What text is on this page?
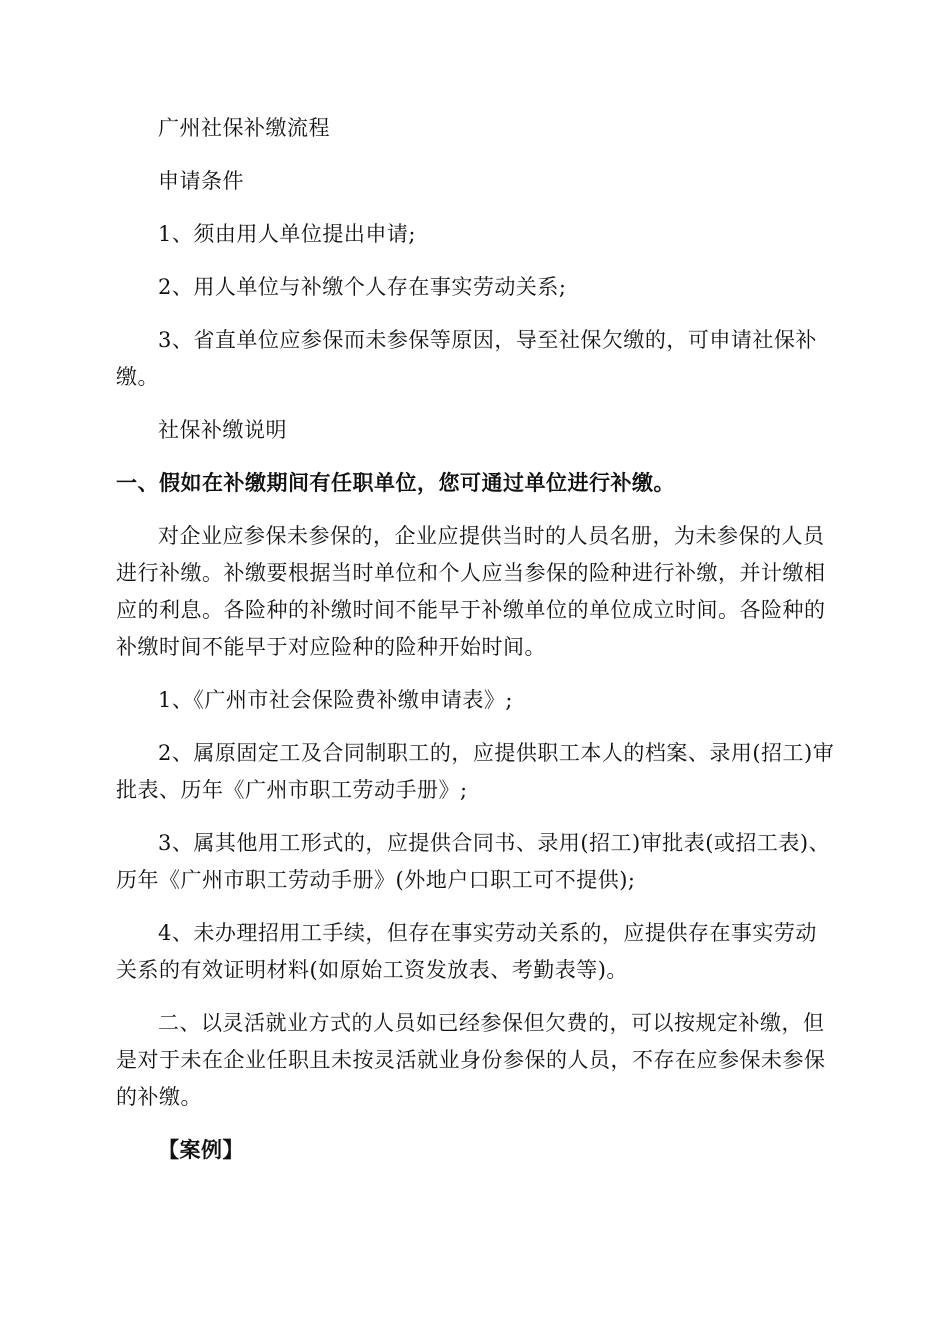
广州社保补缴流程

申请条件

1、须由用人单位提出申请;

2、用人单位与补缴个人存在事实劳动关系;

3、省直单位应参保而未参保等原因，导至社保欠缴的，可申请社保补缴。

社保补缴说明

一、假如在补缴期间有任职单位，您可通过单位进行补缴。

对企业应参保未参保的，企业应提供当时的人员名册，为未参保的人员进行补缴。补缴要根据当时单位和个人应当参保的险种进行补缴，并计缴相应的利息。各险种的补缴时间不能早于补缴单位的单位成立时间。各险种的补缴时间不能早于对应险种的险种开始时间。

1、《广州市社会保险费补缴申请表》;

2、属原固定工及合同制职工的，应提供职工本人的档案、录用(招工)审批表、历年《广州市职工劳动手册》;

3、属其他用工形式的，应提供合同书、录用(招工)审批表(或招工表)、历年《广州市职工劳动手册》(外地户口职工可不提供);

4、未办理招用工手续，但存在事实劳动关系的，应提供存在事实劳动关系的有效证明材料(如原始工资发放表、考勤表等)。

二、以灵活就业方式的人员如已经参保但欠费的，可以按规定补缴，但是对于未在企业任职且未按灵活就业身份参保的人员，不存在应参保未参保的补缴。

【案例】
